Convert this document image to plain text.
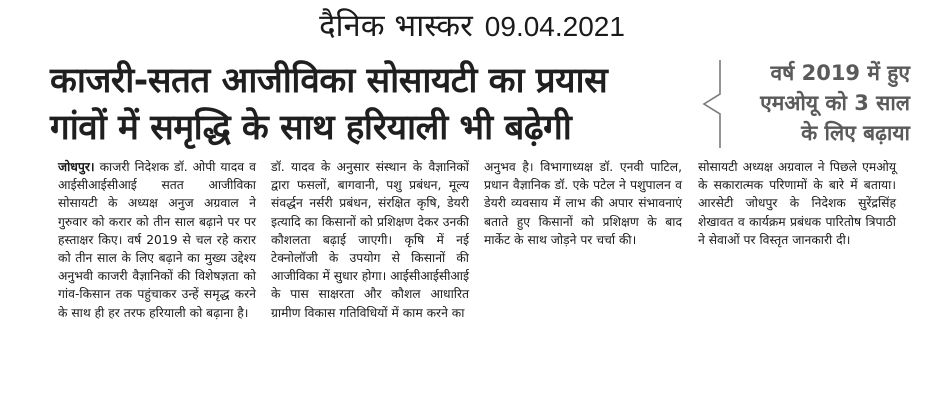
दैनिक भास्कर 09.04.2021
काजरी-सतत आजीविका सोसायटी का प्रयास
गांवों में समृद्धि के साथ हरियाली भी बढ़ेगी
वर्ष 2019 में हुए
एमओयू को 3 साल
के लिए बढ़ाया
जोधपुर। काजरी निदेशक डॉ. ओपी यादव व आईसीआईसीआई सतत आजीविका सोसायटी के अध्यक्ष अनुज अग्रवाल ने गुरुवार को करार को तीन साल बढ़ाने पर पर हस्ताक्षर किए। वर्ष 2019 से चल रहे करार को तीन साल के लिए बढ़ाने का मुख्य उद्देश्य अनुभवी काजरी वैज्ञानिकों की विशेषज्ञता को गांव-किसान तक पहुंचाकर उन्हें समृद्ध करने के साथ ही हर तरफ हरियाली को बढ़ाना है।
डॉ. यादव के अनुसार संस्थान के वैज्ञानिकों द्वारा फसलों, बागवानी, पशु प्रबंधन, मूल्य संवर्द्धन नर्सरी प्रबंधन, संरक्षित कृषि, डेयरी इत्यादि का किसानों को प्रशिक्षण देकर उनकी कौशलता बढ़ाई जाएगी। कृषि में नई टेक्नोलॉजी के उपयोग से किसानों की आजीविका में सुधार होगा। आईसीआईसीआई के पास साक्षरता और कौशल आधारित ग्रामीण विकास गतिविधियों में काम करने का
अनुभव है। विभागाध्यक्ष डॉ. एनवी पाटिल, प्रधान वैज्ञानिक डॉ. एके पटेल ने पशुपालन व डेयरी व्यवसाय में लाभ की अपार संभावनाएं बताते हुए किसानों को प्रशिक्षण के बाद मार्केट के साथ जोड़ने पर चर्चा की।
सोसायटी अध्यक्ष अग्रवाल ने पिछले एमओयू के सकारात्मक परिणामों के बारे में बताया। आरसेटी जोधपुर के निदेशक सुरेंद्रसिंह शेखावत व कार्यक्रम प्रबंधक पारितोष त्रिपाठी ने सेवाओं पर विस्तृत जानकारी दी।
